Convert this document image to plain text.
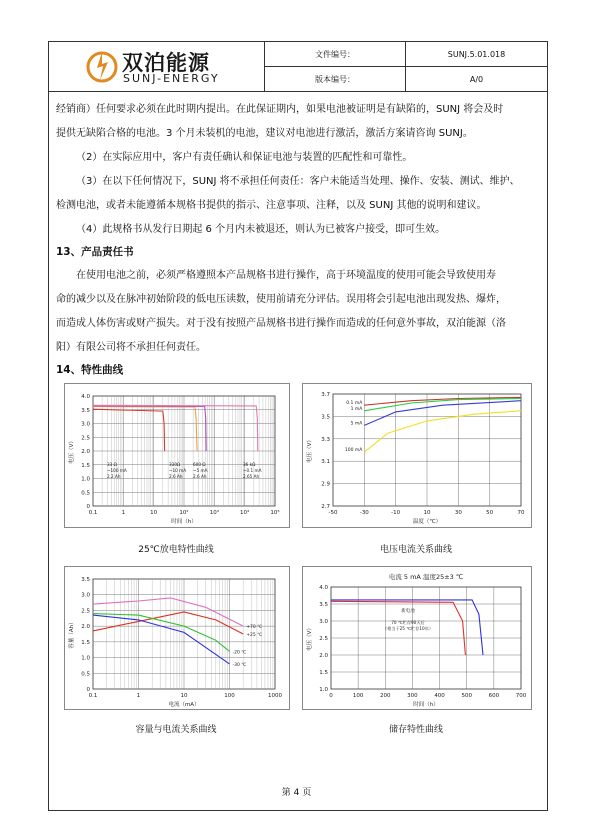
双泊能源
SUNJ-ENERGY
文件编号：	SUNJ.5.01.018
版本编号：	A/0
经销商）任何要求必须在此时期内提出。在此保证期内，如果电池被证明是有缺陷的，SUNJ 将会及时
提供无缺陷合格的电池。3 个月未装机的电池，建议对电池进行激活，激活方案请咨询 SUNJ。
（2）在实际应用中，客户有责任确认和保证电池与装置的匹配性和可靠性。
（3）在以下任何情况下，SUNJ 将不承担任何责任：客户未能适当处理、操作、安装、测试、维护、
检测电池，或者未能遵循本规格书提供的指示、注意事项、注释，以及 SUNJ 其他的说明和建议。
（4）此规格书从发行日期起 6 个月内未被退还，则认为已被客户接受，即可生效。
13、产品责任书
在使用电池之前，必须严格遵照本产品规格书进行操作，高于环境温度的使用可能会导致使用寿
命的减少以及在脉冲初始阶段的低电压读数，使用前请充分评估。误用将会引起电池出现发热、爆炸，
而造成人体伤害或财产损失。对于没有按照产品规格书进行操作而造成的任何意外事故，双泊能源（洛
阳）有限公司将不承担任何责任。
14、特性曲线
0
0.5
1.0
1.5
2.0
2.5
3.0
3.5
4.0
0.1	1	10	10²	10³	10⁴	10⁵
时间（h）
电压（V）
33 Ω
~100 mA
2.2 Ah
330Ω
~10 mA
2.6 Ah
600 Ω
~5 mA
2.6 Ah
36 kΩ
~0.1 mA
2.65 Ah
2.7
2.9
3.1
3.3
3.5
3.7
-50	-30	-10	10	30	50	70
温度（℃）
电压（V）
0.1 mA
1 mA
5 mA
100 mA
0
0.5
1.0
1.5
2.0
2.5
3.0
3.5
0.1	1	10	100	1000
电流（mA）
容量（Ah）	+70 ℃
+25 ℃
-20 ℃
-30 ℃
1.0
1.5
2.0
2.5
3.0
3.5
4.0
0	100	200	300	400	500	600	700
时间（h）
电压（V）
电流 5 mA 温度25±3 ℃
新电池
70 ℃贮存90天后
（相当于25 ℃贮存10年）
25℃放电特性曲线	电压电流关系曲线
容量与电流关系曲线	储存特性曲线
第 4 页
